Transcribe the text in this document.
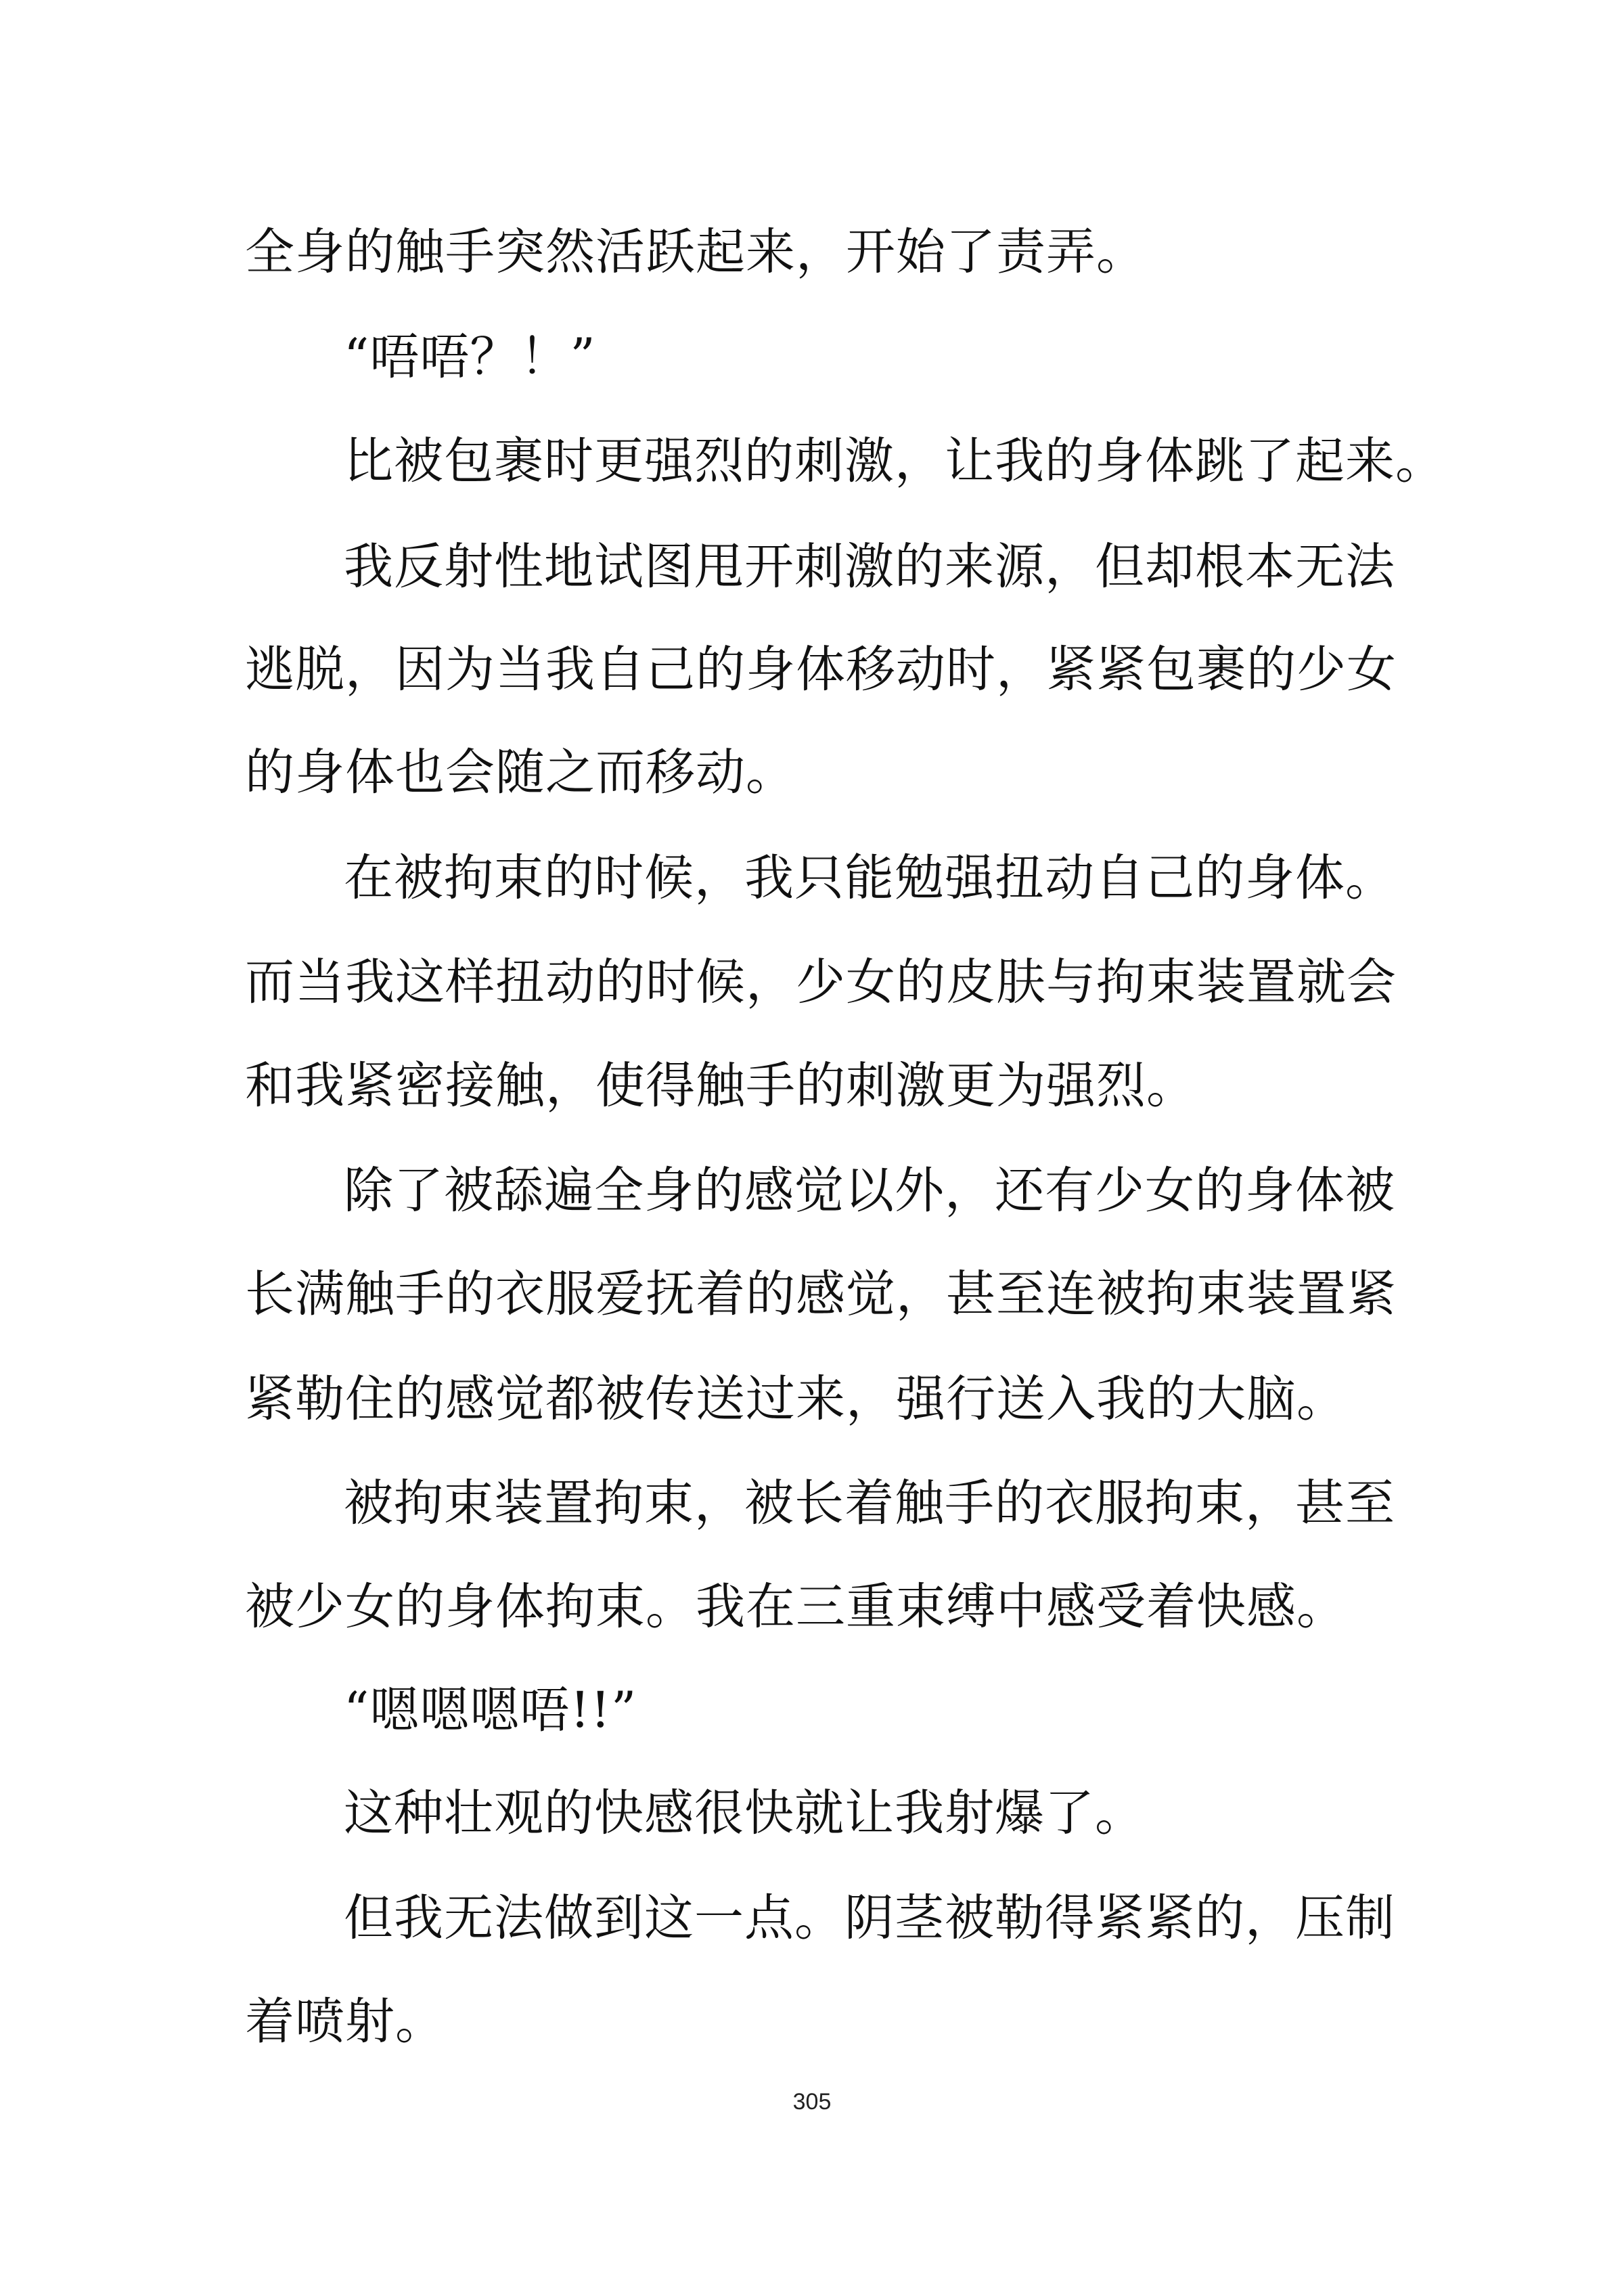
全身的触手突然活跃起来，开始了责弄。
“唔唔？！”
比被包裹时更强烈的刺激，让我的身体跳了起来。
我反射性地试图甩开刺激的来源，但却根本无法
逃脱，因为当我自己的身体移动时，紧紧包裹的少女
的身体也会随之而移动。
在被拘束的时候，我只能勉强扭动自己的身体。
而当我这样扭动的时候，少女的皮肤与拘束装置就会
和我紧密接触，使得触手的刺激更为强烈。
除了被舔遍全身的感觉以外，还有少女的身体被
长满触手的衣服爱抚着的感觉，甚至连被拘束装置紧
紧勒住的感觉都被传送过来，强行送入我的大脑。
被拘束装置拘束，被长着触手的衣服拘束，甚至
被少女的身体拘束。我在三重束缚中感受着快感。
“嗯嗯嗯唔!!”
这种壮观的快感很快就让我射爆了。
但我无法做到这一点。阴茎被勒得紧紧的，压制
着喷射。
305
